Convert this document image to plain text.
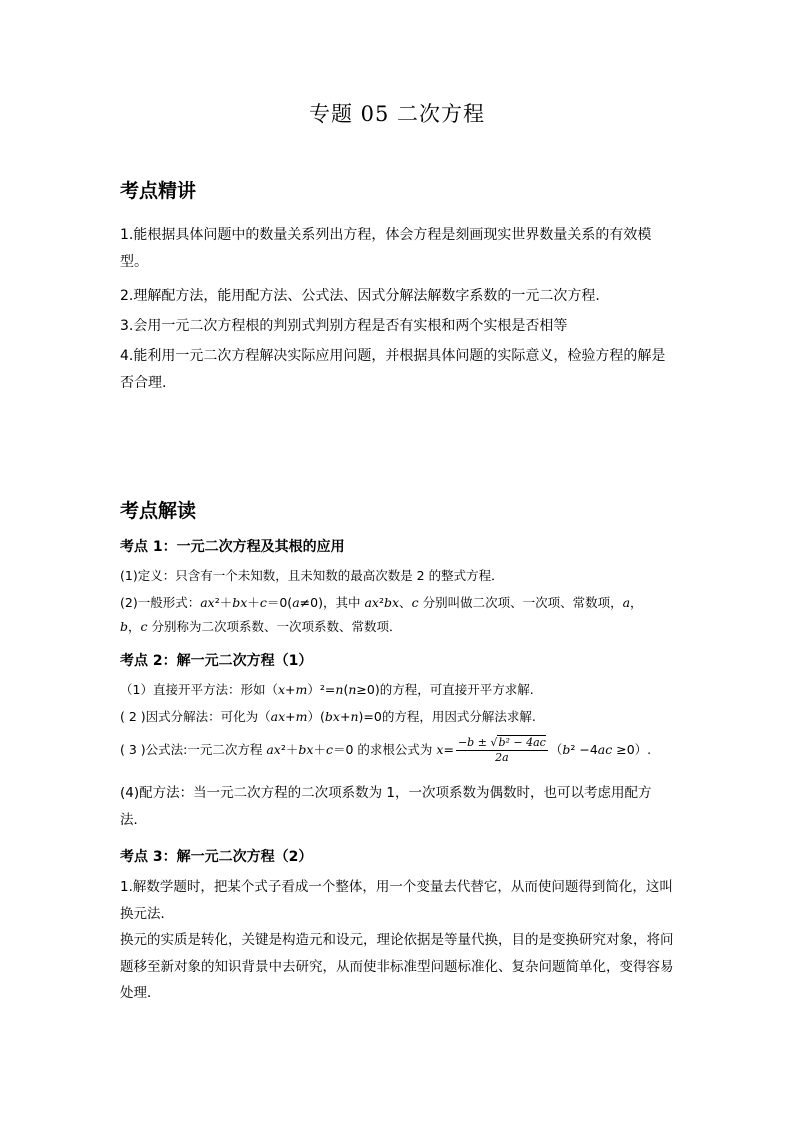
专题 05 二次方程
考点精讲
1.能根据具体问题中的数量关系列出方程，体会方程是刻画现实世界数量关系的有效模型。
2.理解配方法，能用配方法、公式法、因式分解法解数字系数的一元二次方程.
3.会用一元二次方程根的判别式判别方程是否有实根和两个实根是否相等
4.能利用一元二次方程解决实际应用问题，并根据具体问题的实际意义，检验方程的解是否合理.
考点解读
考点 1：一元二次方程及其根的应用
(1)定义：只含有一个未知数，且未知数的最高次数是 2 的整式方程．
(2)一般形式：ax²＋bx＋c＝0(a≠0)，其中 ax²bx、c 分别叫做二次项、一次项、常数项，a，
b，c 分别称为二次项系数、一次项系数、常数项．
考点 2：解一元二次方程（1）
（1）直接开平方法：形如（x+m）²=n(n≥0)的方程，可直接开平方求解.
( 2 )因式分解法：可化为（ax+m）(bx+n)=0的方程，用因式分解法求解.
( 3 )公式法:一元二次方程 ax²＋bx＋c＝0 的求根公式为 $x= \frac{\text{−b ± √b² − 4ac}}{2a} (b^2 -4ac \ge 0)$.
(4)配方法：当一元二次方程的二次项系数为 1，一次项系数为偶数时，也可以考虑用配方法．
考点 3：解一元二次方程（2）
1.解数学题时，把某个式子看成一个整体，用一个变量去代替它，从而使问题得到简化，这叫换元法．
换元的实质是转化，关键是构造元和设元，理论依据是等量代换，目的是变换研究对象，将问题移至新对象的知识背景中去研究，从而使非标准型问题标准化、复杂问题简单化，变得容易处理．
